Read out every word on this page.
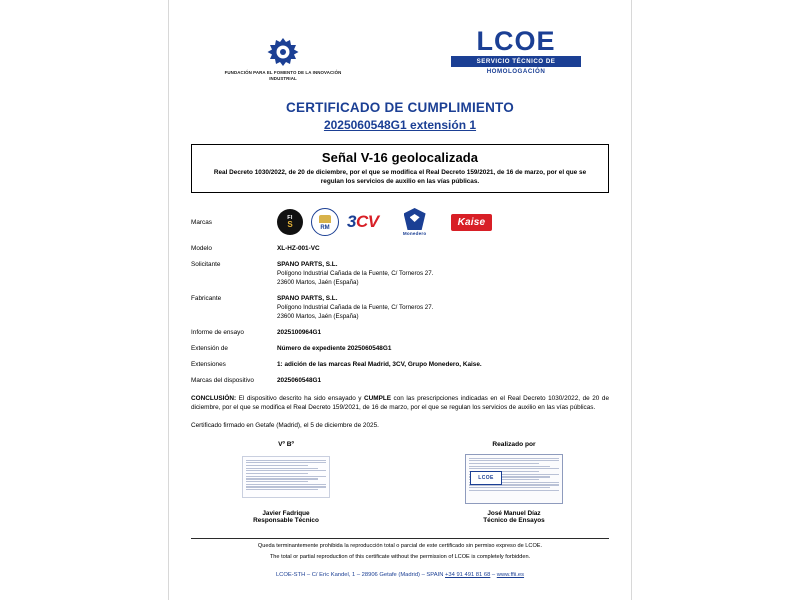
FUNDACIÓN PARA EL FOMENTO DE LA INNOVACIÓN INDUSTRIAL
LCOE
SERVICIO TÉCNICO DE
HOMOLOGACIÓN
CERTIFICADO DE CUMPLIMIENTO
2025060548G1 extensión 1
Señal V-16 geolocalizada
Real Decreto 1030/2022, de 20 de diciembre, por el que se modifica el Real Decreto 159/2021, de 16 de marzo, por el que se regulan los servicios de auxilio en las vías públicas.
Marcas
FI
S	RM	3 CV
Monedero
Kaise
Modelo	XL-HZ-001-VC
Solicitante	SPANO PARTS, S.L.
Polígono Industrial Cañada de la Fuente, C/ Torneros 27.
23600 Martos, Jaén (España)
Fabricante	SPANO PARTS, S.L.
Polígono Industrial Cañada de la Fuente, C/ Torneros 27.
23600 Martos, Jaén (España)
Informe de ensayo	2025100964G1
Extensión de	Número de expediente 2025060548G1
Extensiones	1: adición de las marcas Real Madrid, 3CV, Grupo Monedero, Kaise.
Marcas del dispositivo	2025060548G1
CONCLUSIÓN: El dispositivo descrito ha sido ensayado y CUMPLE con las prescripciones indicadas en el Real Decreto 1030/2022, de 20 de diciembre, por el que se modifica el Real Decreto 159/2021, de 16 de marzo, por el que se regulan los servicios de auxilio en las vías públicas.
Certificado firmado en Getafe (Madrid), el 5 de diciembre de 2025.
Vº Bº
Javier Fadrique
Responsable Técnico
Realizado por
LCOE
José Manuel Díaz
Técnico de Ensayos
Queda terminantemente prohibida la reproducción total o parcial de este certificado sin permiso expreso de LCOE.
The total or partial reproduction of this certificate without the permission of LCOE is completely forbidden.
LCOE-STH – C/ Eric Kandel, 1 – 28906 Getafe (Madrid) – SPAIN +34 91 491 81 68 – www.ffii.es
